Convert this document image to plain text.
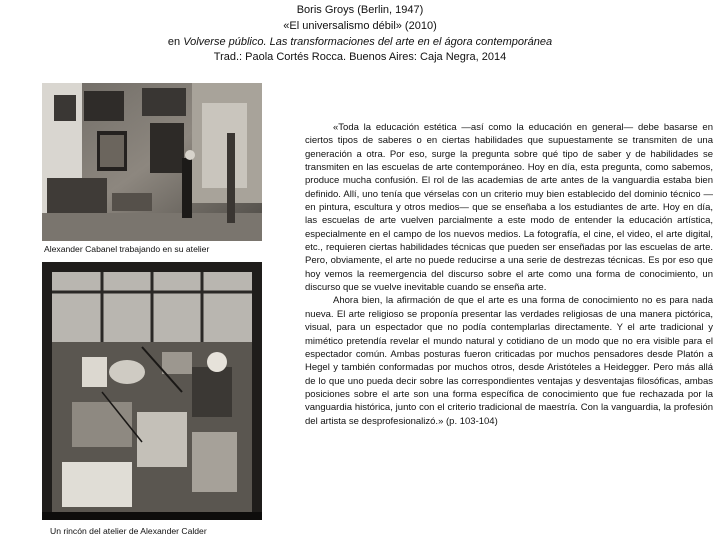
Boris Groys (Berlin, 1947)
«El universalismo débil» (2010)
en Volverse público. Las transformaciones del arte en el ágora contemporánea
Trad.: Paola Cortés Rocca. Buenos Aires: Caja Negra, 2014
Alexander Cabanel trabajando en su atelier
Un rincón del atelier de Alexander Calder

«Toda la educación estética —así como la educación en general— debe basarse en ciertos tipos de saberes o en ciertas habilidades que supuestamente se transmiten de una generación a otra. Por eso, surge la pregunta sobre qué tipo de saber y de habilidades se transmiten en las escuelas de arte contemporáneo. Hoy en día, esta pregunta, como sabemos, produce mucha confusión. El rol de las academias de arte antes de la vanguardia estaba bien definido. Allí, uno tenía que vérselas con un criterio muy bien establecido del dominio técnico —en pintura, escultura y otros medios— que se enseñaba a los estudiantes de arte. Hoy en día, las escuelas de arte vuelven parcialmente a este modo de entender la educación artística, especialmente en el campo de los nuevos medios. La fotografía, el cine, el video, el arte digital, etc., requieren ciertas habilidades técnicas que pueden ser enseñadas por las escuelas de arte. Pero, obviamente, el arte no puede reducirse a una serie de destrezas técnicas. Es por eso que hoy vemos la reemergencia del discurso sobre el arte como una forma de conocimiento, un discurso que se vuelve inevitable cuando se enseña arte.

Ahora bien, la afirmación de que el arte es una forma de conocimiento no es para nada nueva. El arte religioso se proponía presentar las verdades religiosas de una manera pictórica, visual, para un espectador que no podía contemplarlas directamente. Y el arte tradicional y mimético pretendía revelar el mundo natural y cotidiano de un modo que no era visible para el espectador común. Ambas posturas fueron criticadas por muchos pensadores desde Platón a Hegel y también conformadas por muchos otros, desde Aristóteles a Heidegger. Pero más allá de lo que uno pueda decir sobre las correspondientes ventajas y desventajas filosóficas, ambas posiciones sobre el arte son una forma específica de conocimiento que fue rechazada por la vanguardia histórica, junto con el criterio tradicional de maestría. Con la vanguardia, la profesión del artista se desprofesionalizó.» (p. 103-104)
